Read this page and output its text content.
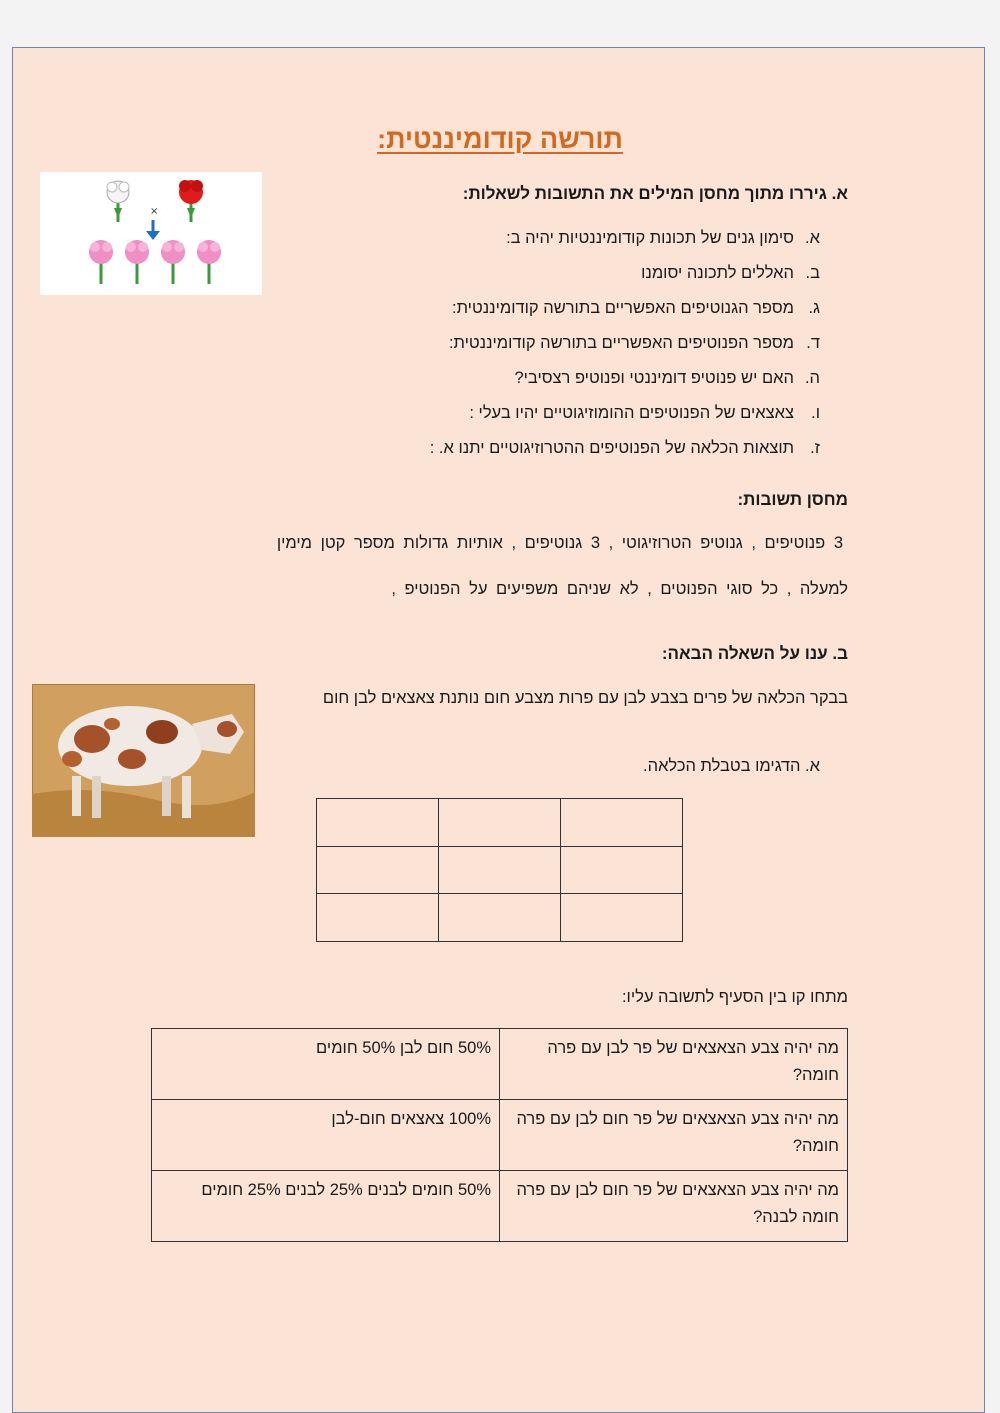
תורשה קודומיננטית:
×
א. גיררו מתוך מחסן המילים את התשובות לשאלות:
א.סימון גנים של תכונות קודומיננטיות יהיה ב:
ב.האללים לתכונה יסומנו
ג.מספר הגנוטיפים האפשריים בתורשה קודומיננטית:
ד.מספר הפנוטיפים האפשריים בתורשה קודומיננטית:
ה.האם יש פנוטיפ דומיננטי ופנוטיפ רצסיבי?
ו.צאצאים של הפנוטיפים ההומוזיגוטיים יהיו בעלי :
ז.תוצאות הכלאה של הפנוטיפים ההטרוזיגוטיים יתנו א. :
מחסן תשובות:
3 פנוטיפים , גנוטיפ הטרוזיגוטי , 3 גנוטיפים , אותיות גדולות מספר קטן מימין
למעלה , כל סוגי הפנוטים , לא שניהם משפיעים על הפנוטיפ ,
ב. ענו על השאלה הבאה:
בבקר הכלאה של פרים בצבע לבן עם פרות מצבע חום נותנת צאצאים לבן חום
א. הדגימו בטבלת הכלאה.

מתחו קו בין הסעיף לתשובה עליו:
מה יהיה צבע הצאצאים של פר לבן עם פרה חומה?	50% חום לבן 50% חומים
מה יהיה צבע הצאצאים של פר חום לבן עם פרה חומה?	100% צאצאים חום-לבן
מה יהיה צבע הצאצאים של פר חום לבן עם פרה חומה לבנה?	50% חומים לבנים 25% לבנים 25% חומים
